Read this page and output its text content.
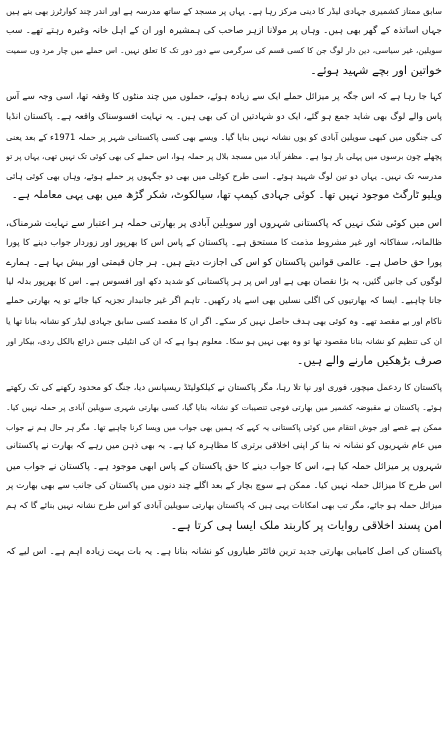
سابق ممتاز کشمیری جہادی لیڈر کا دینی مرکز رہا ہے۔ یہاں پر مسجد کے ساتھ مدرسہ ہے اور اندر چند کوارٹرز بھی بنے ہیں
جہاں اساتذہ کے گھر بھی ہیں۔ وہاں پر مولانا ازہر صاحب کی ہمشیرہ اور ان کے اہل خانہ وغیرہ رہتے تھے۔ سب
سویلین، غیر سیاسی، دین دار لوگ جن کا کسی قسم کی سرگرمی سے دور دور تک کا تعلق نہیں۔ اس حملے میں چار مرد وں سمیت
خواتین اور بچے شہید ہوئے۔
کہا جا رہا ہے کہ اس جگہ پر میزائل حملے ایک سے زیادہ ہوئے، حملوں میں چند منٹوں کا وقفہ تھا، اسی وجہ سے آس
پاس والے لوگ بھی شاید جمع ہو گئے، ایک دو شہادتیں ان کی بھی ہیں۔ یہ نہایت افسوسناک واقعہ ہے۔ پاکستان انڈیا
کی جنگوں میں کبھی سویلین آبادی کو یوں نشانہ نہیں بنایا گیا۔ ویسے بھی کسی پاکستانی شہر پر حملہ 1971ء کے بعد یعنی
پچھلے چون برسوں میں پہلی بار ہوا ہے۔ مظفر آباد میں مسجد بلال پر حملہ ہوا، اس حملے کی بھی کوئی تک نہیں تھی، یہاں پر تو
مدرسہ تک نہیں۔ یہاں دو تین لوگ شہید ہوئے۔ اسی طرح کوٹلی میں بھی دو جگہوں پر حملے ہوئے، وہاں بھی کوئی ہائی
ویلیو ٹارگٹ موجود نہیں تھا۔ کوئی جہادی کیمپ تھا، سیالکوٹ، شکر گڑھ میں بھی یہی معاملہ ہے۔
اس میں کوئی شک نہیں کہ پاکستانی شہروں اور سویلین آبادی پر بھارتی حملہ ہر اعتبار سے نہایت شرمناک،
ظالمانہ، سفاکانہ اور غیر مشروط مذمت کا مستحق ہے۔ پاکستان کے پاس اس کا بھرپور اور زوردار جواب دینے کا پورا
پورا حق حاصل ہے۔ عالمی قوانین پاکستان کو اس کی اجازت دیتے ہیں۔ ہر جان قیمتی اور بیش بہا ہے۔ ہمارے
لوگوں کی جانیں گئیں، یہ بڑا نقصان بھی ہے اور اس پر ہر پاکستانی کو شدید دکھ اور افسوس ہے۔ اس کا بھرپور بدلہ لیا
جانا چاہیے۔ ایسا کہ بھارتیوں کی اگلی نسلیں بھی اسے یاد رکھیں۔ تاہم اگر غیر جانبدار تجزیہ کیا جائے تو یہ بھارتی حملے
ناکام اور بے مقصد تھے۔ وہ کوئی بھی ہدف حاصل نہیں کر سکے۔ اگر ان کا مقصد کسی سابق جہادی لیڈر کو نشانہ بنانا تھا یا
ان کی تنظیم کو نشانہ بنانا مقصود تھا تو وہ بھی نہیں ہو سکا۔ معلوم ہوا ہے کہ ان کی انٹیلی جنس ذرائع بالکل ردی، بیکار اور
صرف بڑھکیں مارنے والے ہیں۔
پاکستان کا ردعمل میچور، فوری اور نپا تلا رہا، مگر پاکستان نے کیلکولیٹڈ ریسپانس دیا، جنگ کو محدود رکھنے کی تک رکھتے
ہوئے۔ پاکستان نے مقبوضہ کشمیر میں بھارتی فوجی تنصیبات کو نشانہ بنایا گیا، کسی بھارتی شہری سویلین آبادی پر حملہ نہیں کیا۔
ممکن ہے غصے اور جوش انتقام میں کوئی پاکستانی یہ کہے کہ ہمیں بھی جواب میں ویسا کرنا چاہیے تھا۔ مگر ہر حال ہم نے جواب
میں عام شہریوں کو نشانہ نہ بنا کر اپنی اخلاقی برتری کا مظاہرہ کیا ہے۔ یہ بھی ذہن میں رہے کہ بھارت نے پاکستانی
شہروں پر میزائل حملہ کیا ہے، اس کا جواب دینے کا حق پاکستان کے پاس ابھی موجود ہے۔ پاکستان نے جواب میں
اس طرح کا میزائل حملہ نہیں کیا۔ ممکن ہے سوچ بچار کے بعد اگلے چند دنوں میں پاکستان کی جانب سے بھی بھارت پر
میزائل حملہ ہو جائے، مگر تب بھی امکانات یہی ہیں کہ پاکستان بھارتی سویلین آبادی کو اس طرح نشانہ نہیں بنائے گا کہ ہم
امن پسند اخلاقی روایات پر کاربند ملک ایسا ہی کرتا ہے۔
پاکستان کی اصل کامیابی بھارتی جدید ترین فائٹر طیاروں کو نشانہ بنانا ہے۔ یہ بات بہت زیادہ اہم ہے۔ اس لیے کہ
